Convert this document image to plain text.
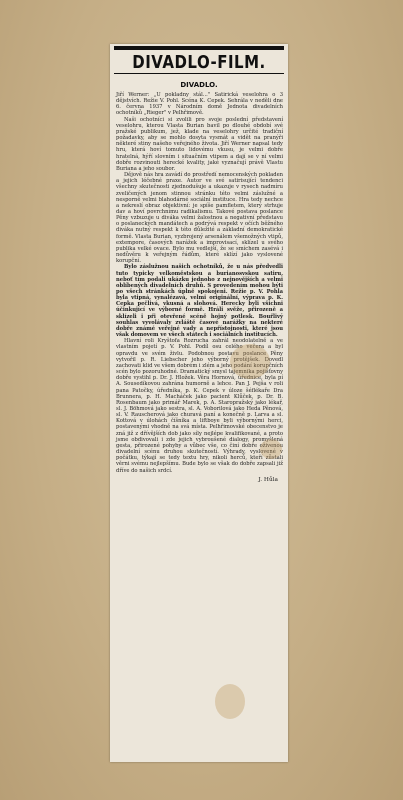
DIVADLO-FILM.
DIVADLO.

Jiří Werner: „U pokladny stál..." Satirická veselohra o 3 dějstvích. Režie V. Pohl. Scéna K. Cepek. Sehrála v neděli dne 6. června 1937 v Národním domě Jednota divadelních ochotníků „Rieger" v Pelhřimově.

Naši ochotníci si zvolili pro svoje poslední představení veselohru, kterou Vlasta Burian bavil po dlouhé období své pražské publikum, jež, klade na veselohry určité tradiční požadavky, aby se mohlo dosyta vysmát a vidět na pranýři některé stiny našeho veřejného života. Jiří Werner napsal tedy hru, která hoví tomuto lidovému vkusu, je velmi dobře hratelná, hýří slovním i situačním vtipem a dají se v ní velmi dobře rozvinouti herecké kvality, jaké vyznačují právě Vlastu Buriana a jeho soubor.

Dějově nás hra zavádí do prostředí nemocenských pokladen a jejich léčebné praxe. Autor ve své satirisující tendenci všechny skutečnosti zjednodušuje a ukazuje v rysech nadmíru zveličených jenom stinnou stránku této velmi záslužné a nesporně velmi blahodárné sociální instituce. Hra tedy nechce a nekreslí obraz objektivní: je spíše pamfletem, který strhuje dav a hoví povrchnímu radikalismu. Takové postava poslance Pěny vzbuzuje u diváka velmi žalostnou a negativní představu o poslaneckých mandátech a podrývá respekt v očích běžného diváka nutný respekt k této důležité a základní demokratické formě. Vlasta Burian, vyzbrojený arsenálem všemožných vtipů, extempore, časových narážek a improvisací, sklízel u svého publika velké ovace. Bylo mu vedlejší, že se smíchem zasévá i nedůvěru k veřejným řádům, které sklízí jako vyslovené korupční.

Bylo záslužnou našich ochotníků, že u nás předvedli tuto typicky velkoměstskou a burianosvskou satiru, neboť tím podali ukázku jednoho z nejnovějších a velmi oblíbených divadelních druhů. S provedením mohou býti po všech stránkách úplně spokojeni. Režie p. V. Pohla byla vtipná, vynalézavá, velmi originální, výprava p. K. Cepka pečlivá, vkusná a slohová. Herecky byli všichni účinkující ve výborné formě. Hráli svěže, přirozeně a sklízeli i při otevřené scéně hojný potlesk. Bouřlivý souhlas vyvolávaly zvláště časové narážky na nekteré dobře známé veřejné vady a nepřístojnosti, které jsou však domovem ve všech státech i sociálních institucích.

Hlavní roli Kryštofa Rozrucha zahrál neodolatelně a ve vlastním pojetí p. V. Pohl. Podíl osu celého večera a byl opravdu ve svém živlu. Podobnou postavu poslance Pěny vytvořil p. R. Liebscher jeho výborný protějšek. Dovedl zachovati klid ve všem dobrém i zlém a jeho podání korupčních scén bylo pozoruhodné. Dramatický smysl tajemnika pojišťovny dobře vystihl p. Dr. J. Hložek. Věra Hornová, úřednice, byla pí A. Sousedíkovou zahrána humorně a lehce. Pan J. Pejša v roli pana Patočky, úředníka, p. K. Cepek v úloze šéflékaře Dra Brunnera, p. H. Macháček jako pacient Klůček, p. Dr. B. Rosenbaum jako primář Marek, p. A. Staropražský jako lékař, sl. J. Böhmová jako sestra, sl. A. Voborilová jako Heda Pěnová, sl. V. Rauscherová jako churavá paní a konečně p. Larva a sl. Kottová v úlohách číšníka a liftboye byli výbornými herci, postavenými vhodně na svá místa. Pelhřimovské obecenstvo je zná již z dřívějších dob jako síly nejlépe kvalifikované, a proto jsme obdivovali i zde jejich vybroušené dialogy, promyšlená gesta, přirozené pohyby a vůbec vše, co činí dobře oživenou divadelní scénu druhou skutečností. Výhrady, vyslovené v počátku, týkají se tedy textu hry, nikoli herců, kteří zůstali věrni svému nejlepšímu. Bude bylo se však do dobře zapsali již dříve do našich srdcí.

J. Hůla
